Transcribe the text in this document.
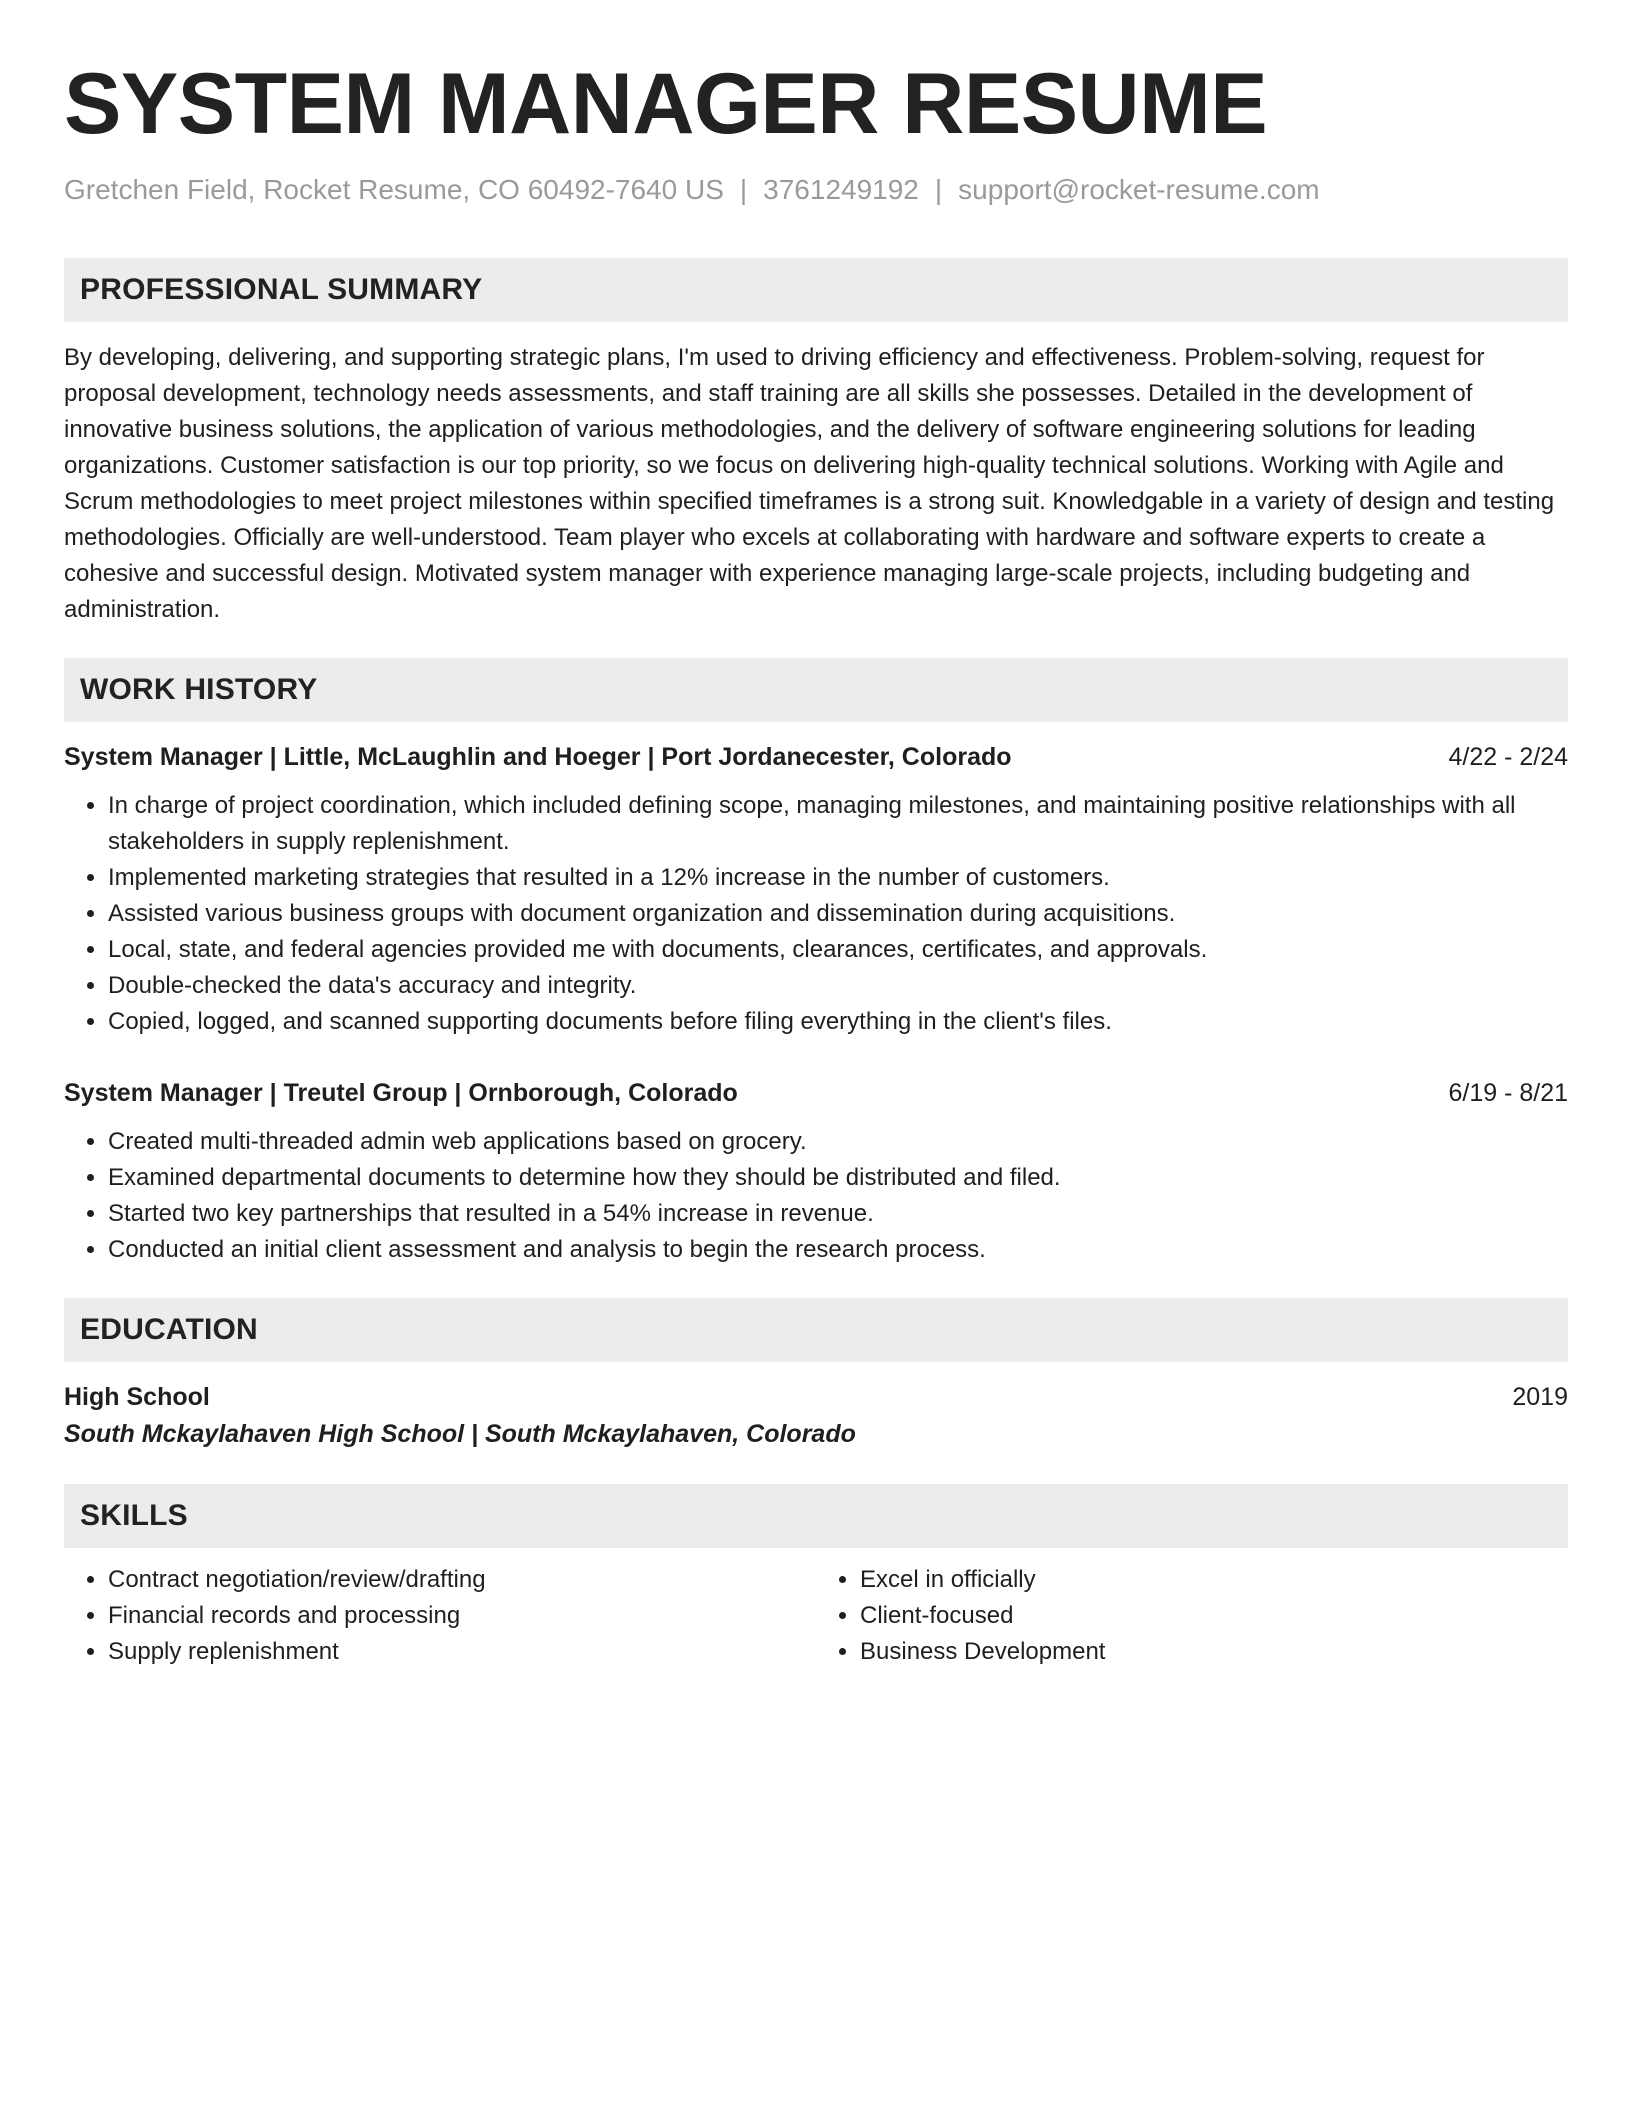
SYSTEM MANAGER RESUME
Gretchen Field, Rocket Resume, CO 60492-7640 US | 3761249192 | support@rocket-resume.com
PROFESSIONAL SUMMARY

By developing, delivering, and supporting strategic plans, I'm used to driving efficiency and effectiveness. Problem-solving, request for proposal development, technology needs assessments, and staff training are all skills she possesses. Detailed in the development of innovative business solutions, the application of various methodologies, and the delivery of software engineering solutions for leading organizations. Customer satisfaction is our top priority, so we focus on delivering high-quality technical solutions. Working with Agile and Scrum methodologies to meet project milestones within specified timeframes is a strong suit. Knowledgable in a variety of design and testing methodologies. Officially are well-understood. Team player who excels at collaborating with hardware and software experts to create a cohesive and successful design. Motivated system manager with experience managing large-scale projects, including budgeting and administration.

WORK HISTORY
System Manager | Little, McLaughlin and Hoeger | Port Jordanecester, Colorado	4/22 - 2/24
• In charge of project coordination, which included defining scope, managing milestones, and maintaining positive relationships with all stakeholders in supply replenishment.
• Implemented marketing strategies that resulted in a 12% increase in the number of customers.
• Assisted various business groups with document organization and dissemination during acquisitions.
• Local, state, and federal agencies provided me with documents, clearances, certificates, and approvals.
• Double-checked the data's accuracy and integrity.
• Copied, logged, and scanned supporting documents before filing everything in the client's files.
System Manager | Treutel Group | Ornborough, Colorado	6/19 - 8/21
• Created multi-threaded admin web applications based on grocery.
• Examined departmental documents to determine how they should be distributed and filed.
• Started two key partnerships that resulted in a 54% increase in revenue.
• Conducted an initial client assessment and analysis to begin the research process.
EDUCATION
High School	2019
South Mckaylahaven High School | South Mckaylahaven, Colorado
SKILLS
• Contract negotiation/review/drafting
• Financial records and processing
• Supply replenishment
• Excel in officially
• Client-focused
• Business Development
